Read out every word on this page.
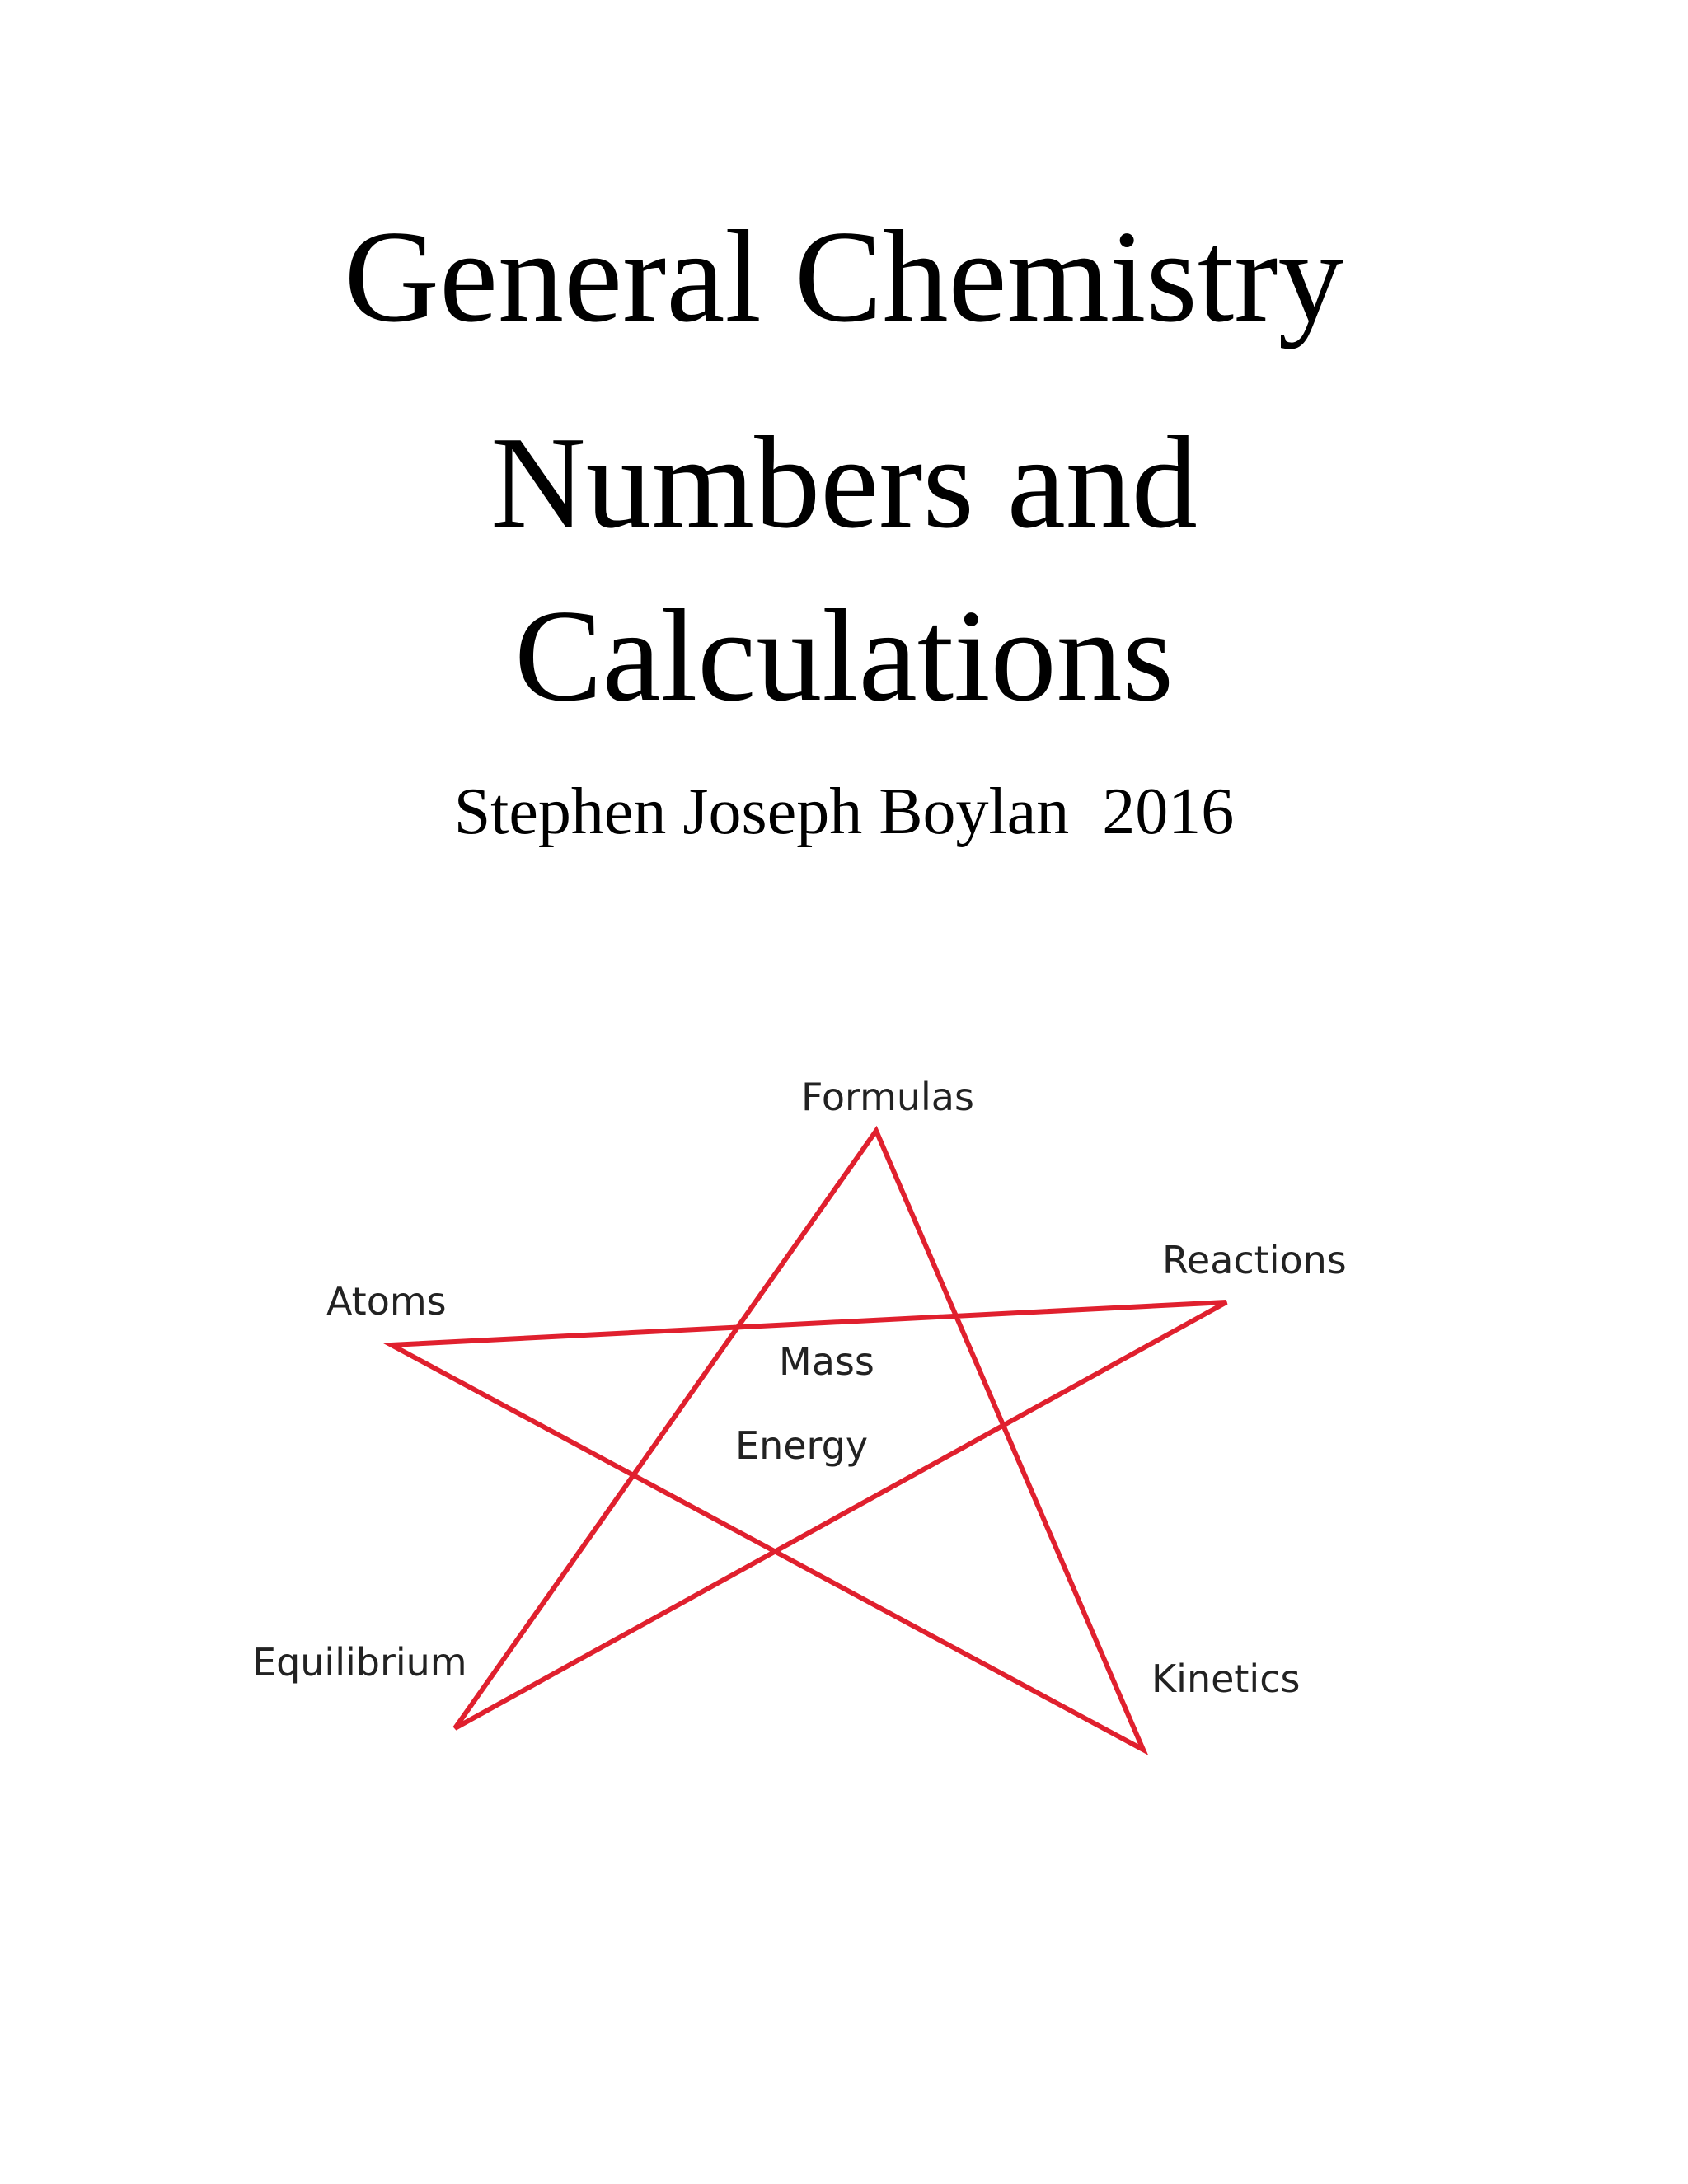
General Chemistry
Numbers and
Calculations
Stephen Joseph Boylan  2016
Formulas
Reactions
Atoms
Equilibrium	Kinetics
Mass
Energy
